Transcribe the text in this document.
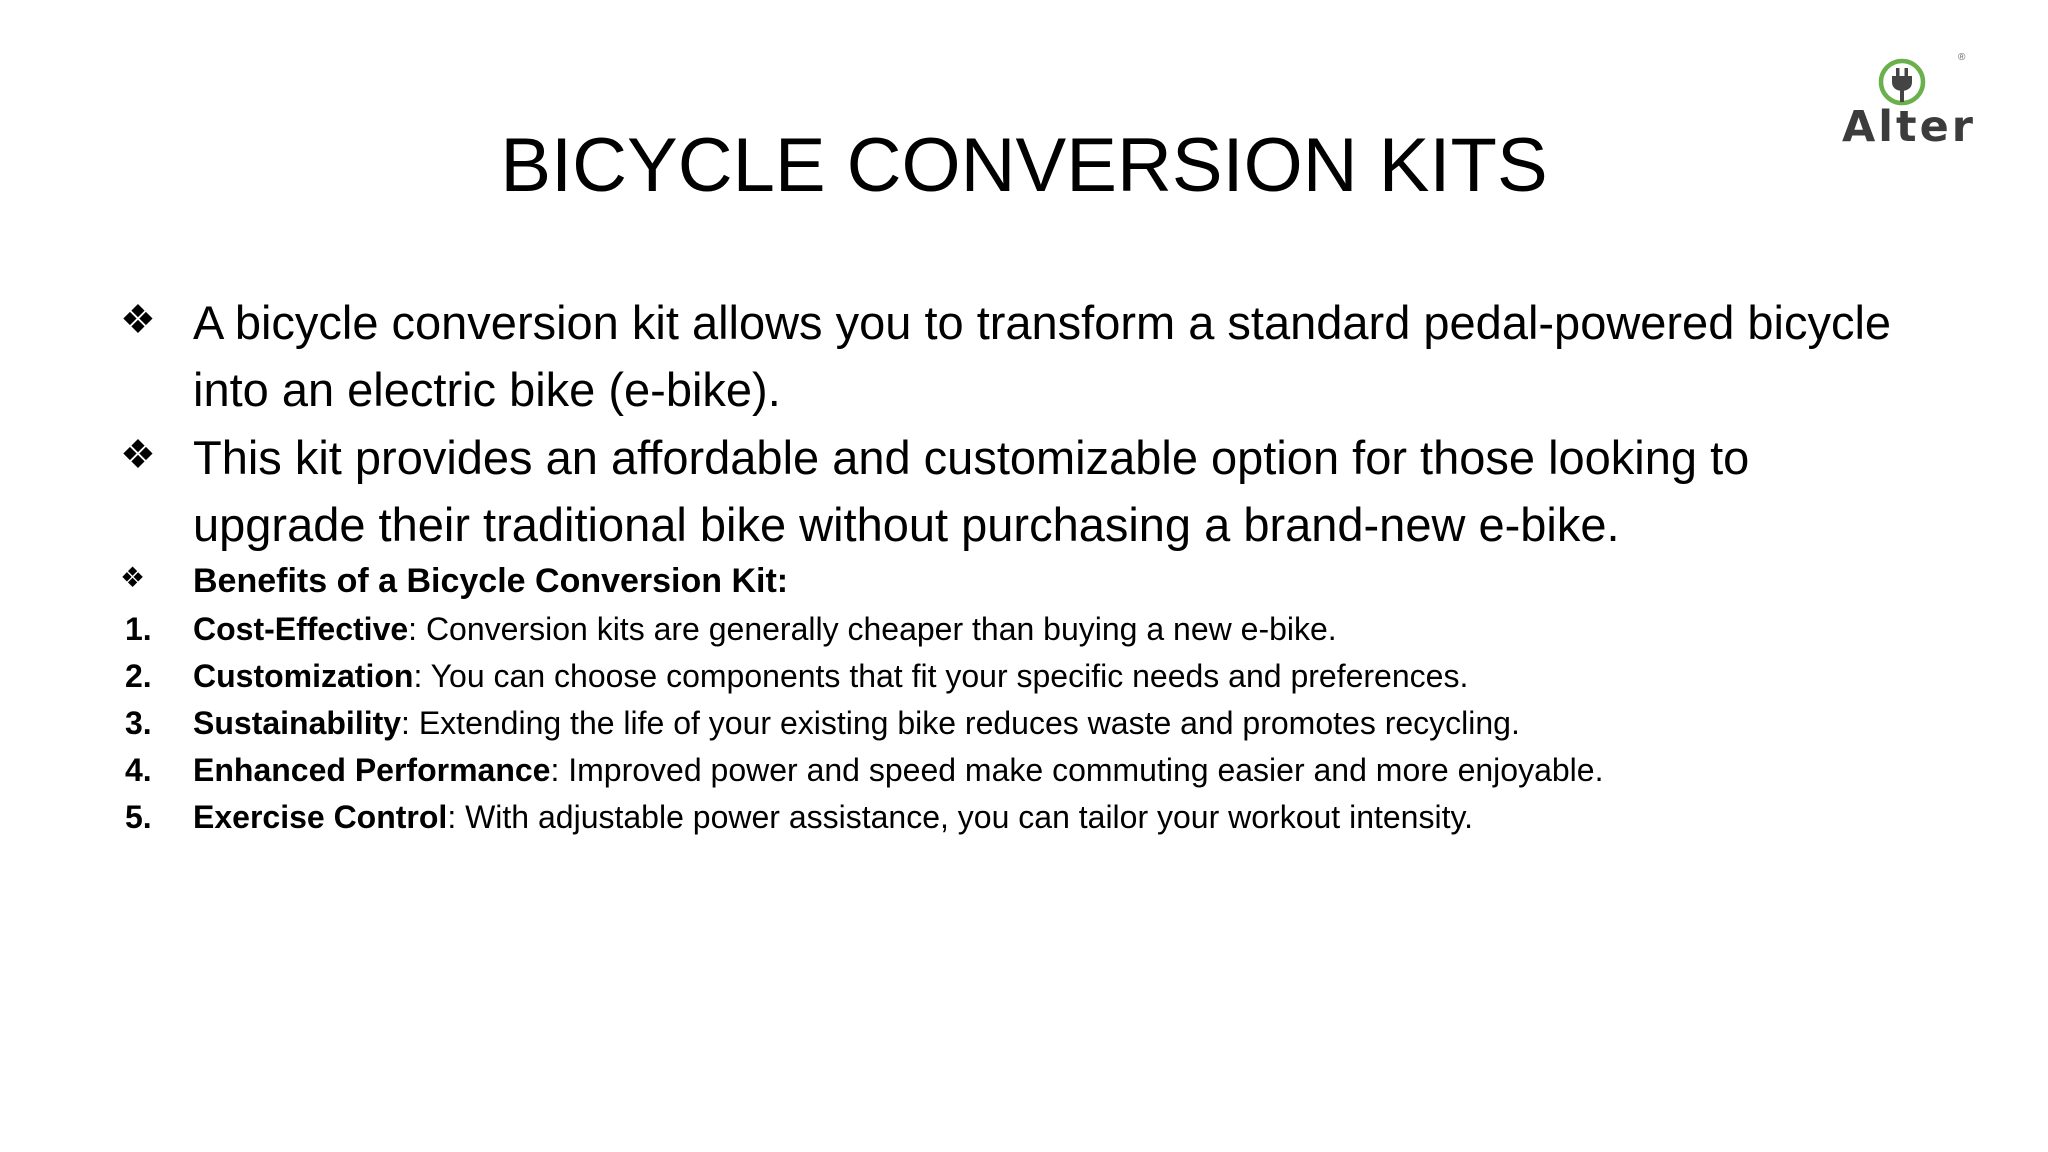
®
Alter
BICYCLE CONVERSION KITS
❖ A bicycle conversion kit allows you to transform a standard pedal-powered bicycle
into an electric bike (e-bike).
❖ This kit provides an affordable and customizable option for those looking to
upgrade their traditional bike without purchasing a brand-new e-bike.
❖ Benefits of a Bicycle Conversion Kit:
1. Cost-Effective: Conversion kits are generally cheaper than buying a new e-bike.
2. Customization: You can choose components that fit your specific needs and preferences.
3. Sustainability: Extending the life of your existing bike reduces waste and promotes recycling.
4. Enhanced Performance: Improved power and speed make commuting easier and more enjoyable.
5. Exercise Control: With adjustable power assistance, you can tailor your workout intensity.
